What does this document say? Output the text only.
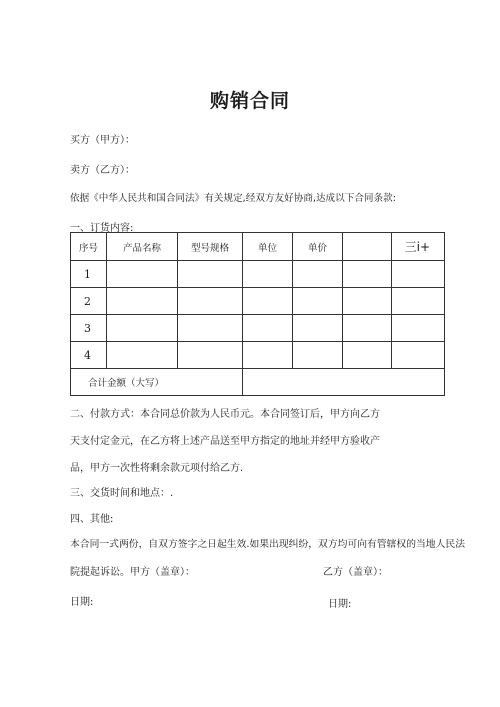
购销合同
买方（甲方）：
卖方（乙方）：
依据《中华人民共和国合同法》有关规定,经双方友好协商,达成以下合同条款:
一、订货内容:
序号	产品名称	型号规格	单位	单价		三i+
1						
2						
3						
4						
合计金额（大写）						
二、付款方式：本合同总价款为人民币元。本合同签订后，甲方向乙方
天支付定金元，在乙方将上述产品送至甲方指定的地址并经甲方验收产
品，甲方一次性将剩余款元项付给乙方.
三、交货时间和地点：.
四、其他:
本合同一式两份，自双方签字之日起生效.如果出现纠纷，双方均可向有管辖权的当地人民法
院提起诉讼。甲方（盖章）：	乙方（盖章）：
日期:	日期:
